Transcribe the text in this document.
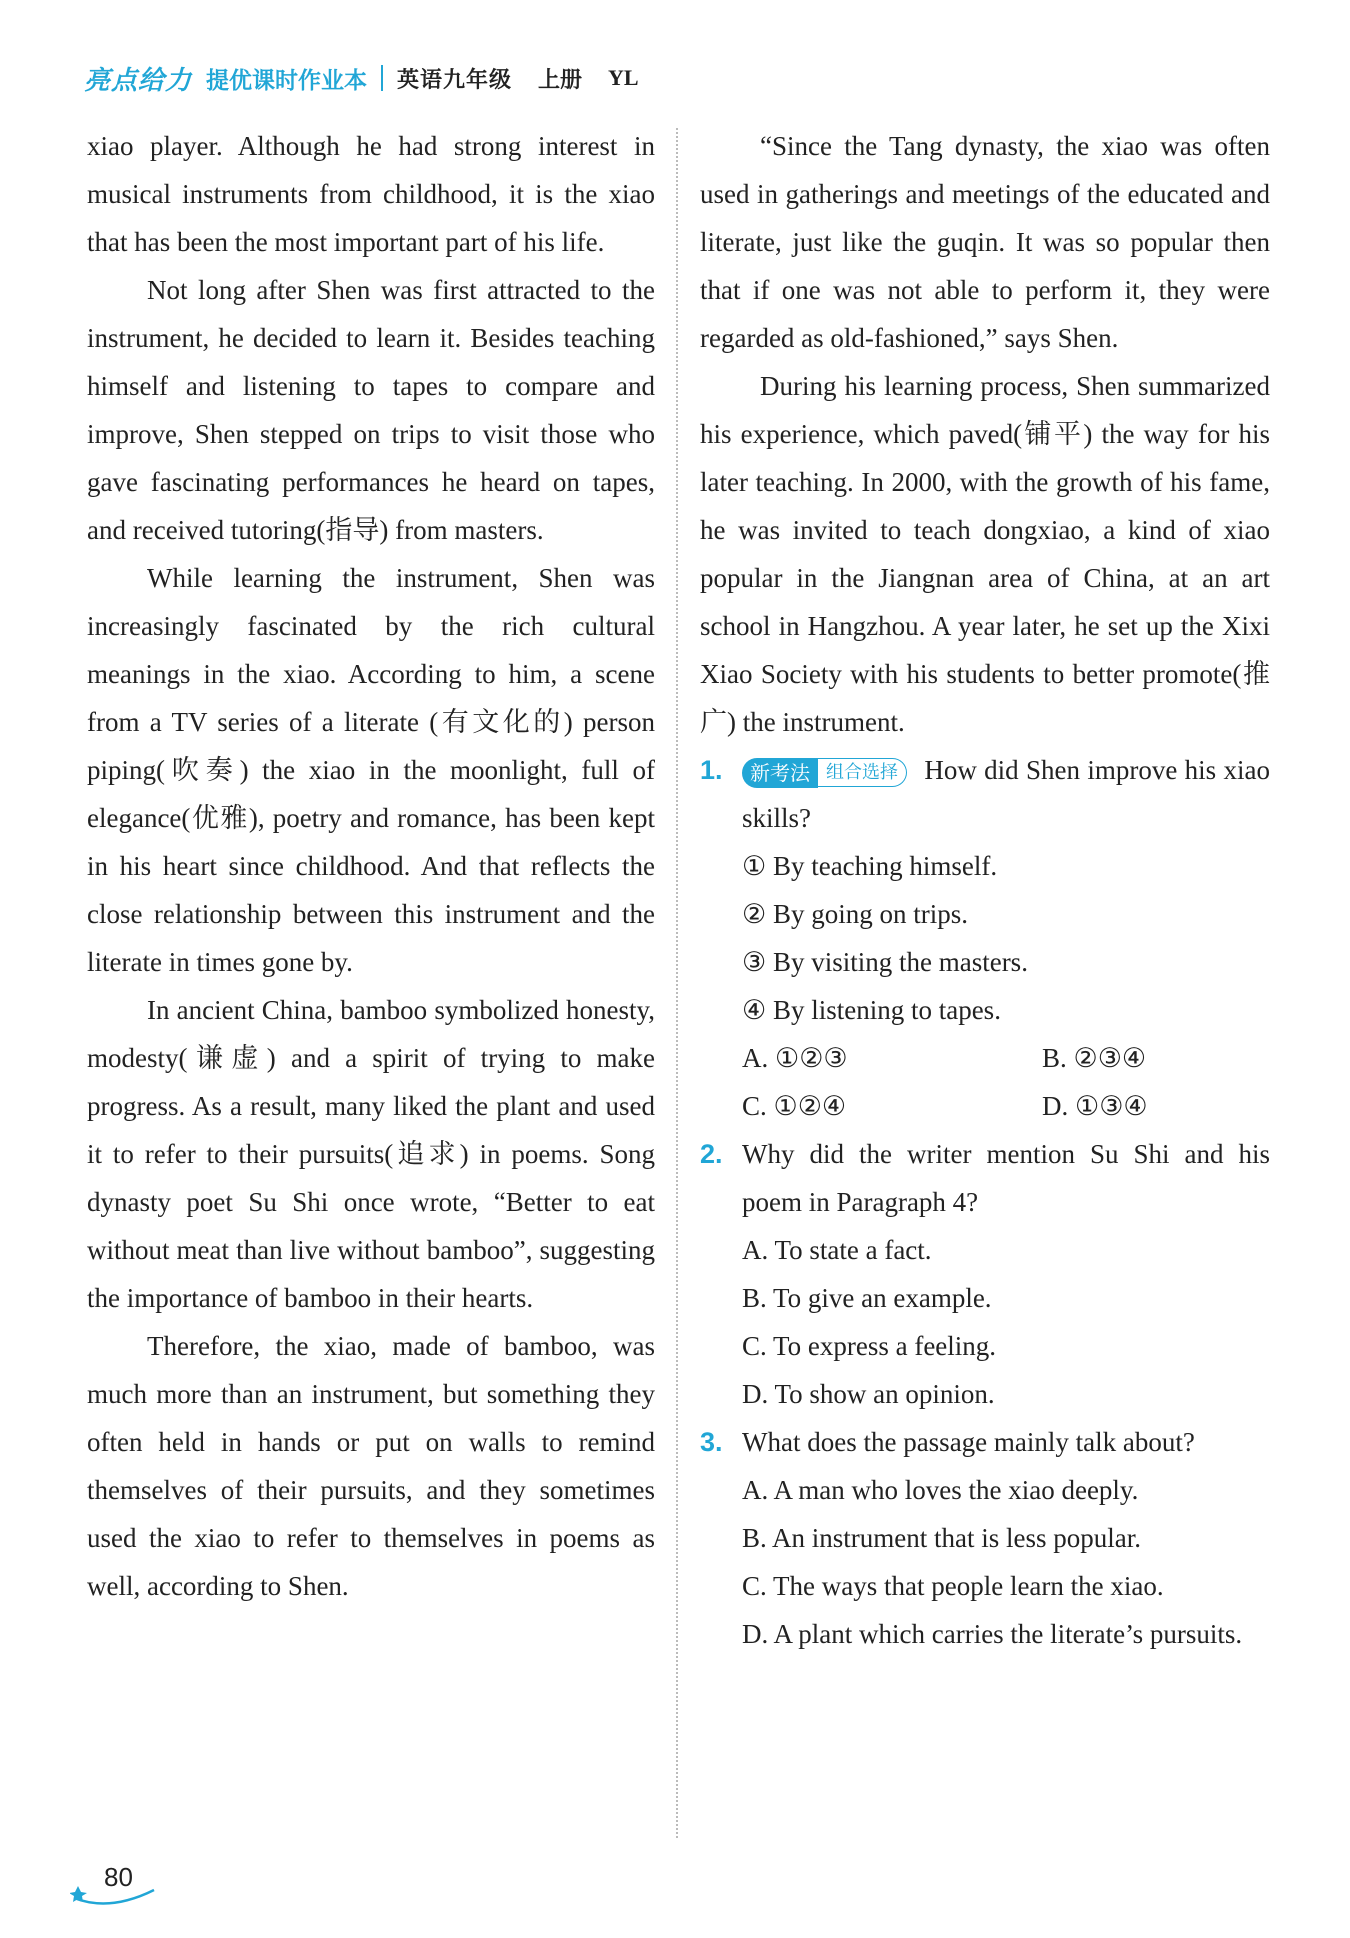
亮点给力 提优课时作业本 英语九年级 上册 YL

xiao player. Although he had strong interest in musical instruments from childhood, it is the xiao that has been the most important part of his life.

Not long after Shen was first attracted to the instrument, he decided to learn it. Besides teaching himself and listening to tapes to compare and improve, Shen stepped on trips to visit those who gave fascinating performances he heard on tapes, and received tutoring(指导) from masters.

While learning the instrument, Shen was increasingly fascinated by the rich cultural meanings in the xiao. According to him, a scene from a TV series of a literate (有文化的) person piping(吹奏) the xiao in the moonlight, full of elegance(优雅), poetry and romance, has been kept in his heart since childhood. And that reflects the close relationship between this instrument and the literate in times gone by.

In ancient China, bamboo symbolized honesty, modesty(谦虚) and a spirit of trying to make progress. As a result, many liked the plant and used it to refer to their pursuits(追求) in poems. Song dynasty poet Su Shi once wrote, “Better to eat without meat than live without bamboo”, suggesting the importance of bamboo in their hearts.

Therefore, the xiao, made of bamboo, was much more than an instrument, but something they often held in hands or put on walls to remind themselves of their pursuits, and they sometimes used the xiao to refer to themselves in poems as well, according to Shen.

“Since the Tang dynasty, the xiao was often used in gatherings and meetings of the educated and literate, just like the guqin. It was so popular then that if one was not able to perform it, they were regarded as old-fashioned,” says Shen.

During his learning process, Shen summarized his experience, which paved(铺平) the way for his later teaching. In 2000, with the growth of his fame, he was invited to teach dongxiao, a kind of xiao popular in the Jiangnan area of China, at an art school in Hangzhou. A year later, he set up the Xixi Xiao Society with his students to better promote(推广) the instrument.

1.	新考法 组合选择 How did Shen improve his xiao skills?
① By teaching himself.
② By going on trips.
③ By visiting the masters.
④ By listening to tapes.
A. ①②③	B. ②③④
C. ①②④	D. ①③④
2. Why did the writer mention Su Shi and his poem in Paragraph 4?
A. To state a fact.
B. To give an example.
C. To express a feeling.
D. To show an opinion.
3. What does the passage mainly talk about?
A. A man who loves the xiao deeply.
B. An instrument that is less popular.
C. The ways that people learn the xiao.
D. A plant which carries the literate’s pursuits.
80
